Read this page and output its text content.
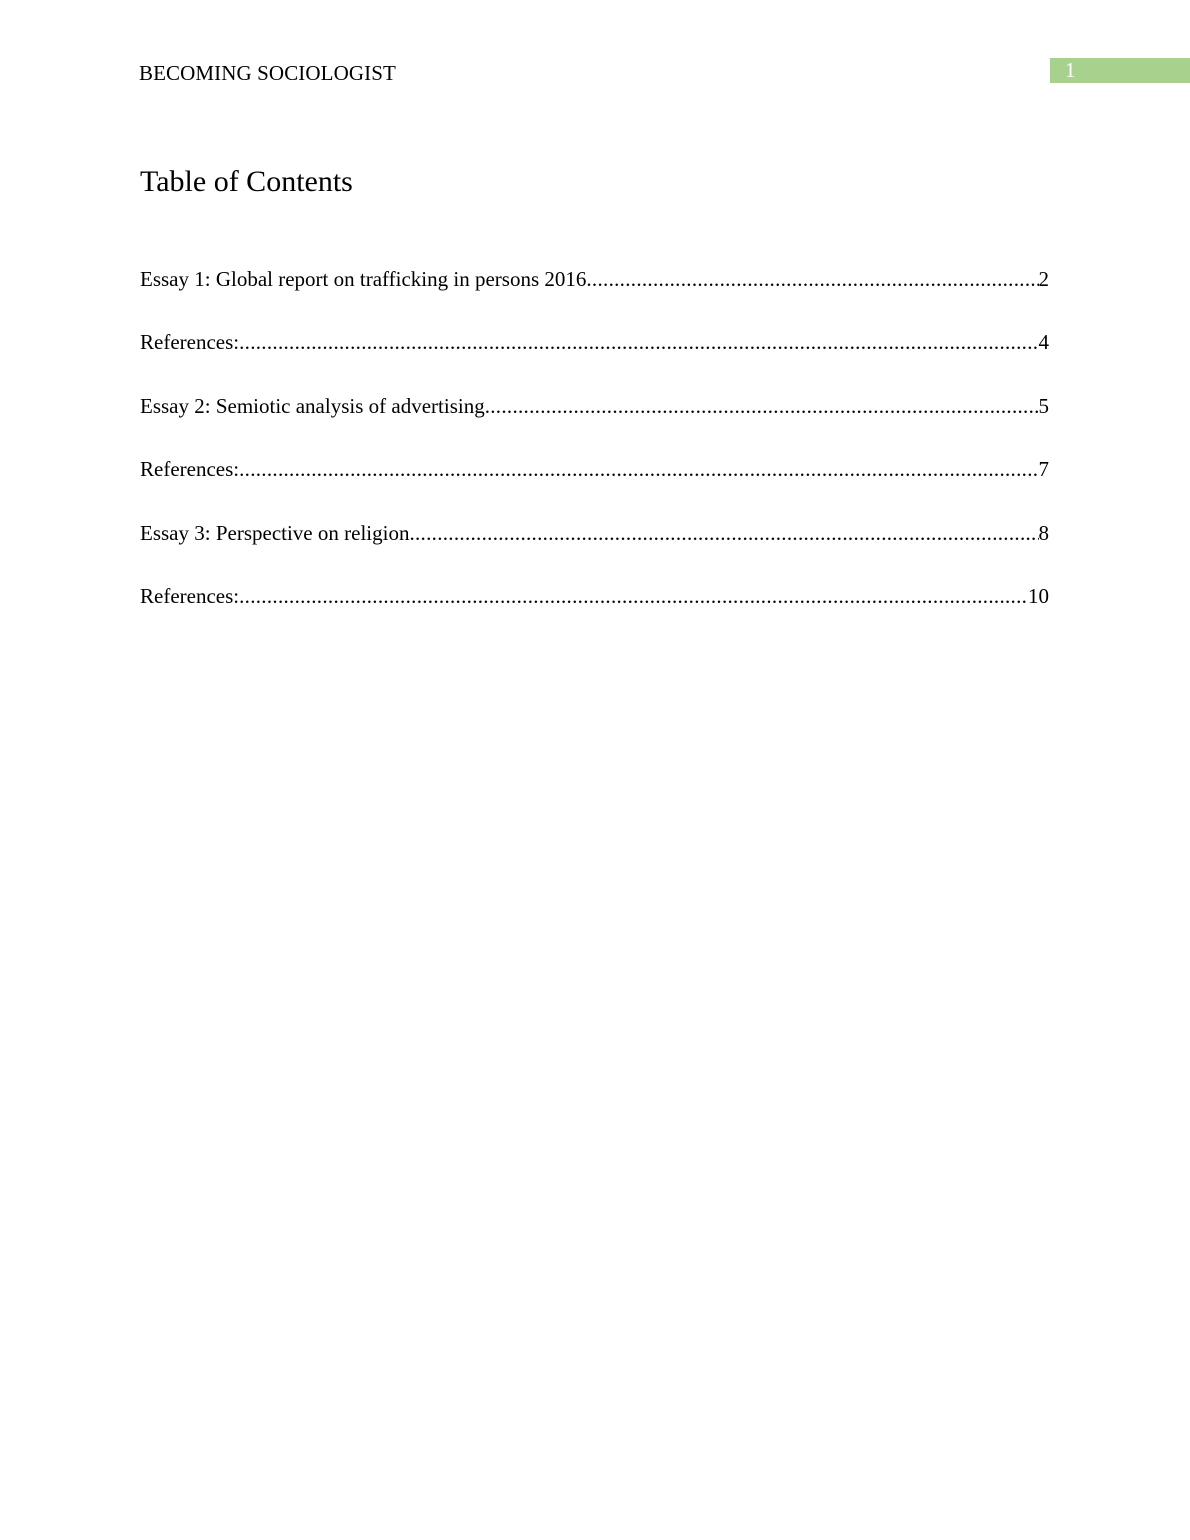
BECOMING SOCIOLOGIST	1
Table of Contents
Essay 1: Global report on trafficking in persons 2016 .....	2
References: .....	4
Essay 2: Semiotic analysis of advertising .....	5
References: .....	7
Essay 3: Perspective on religion .....	8
References: .....	10
